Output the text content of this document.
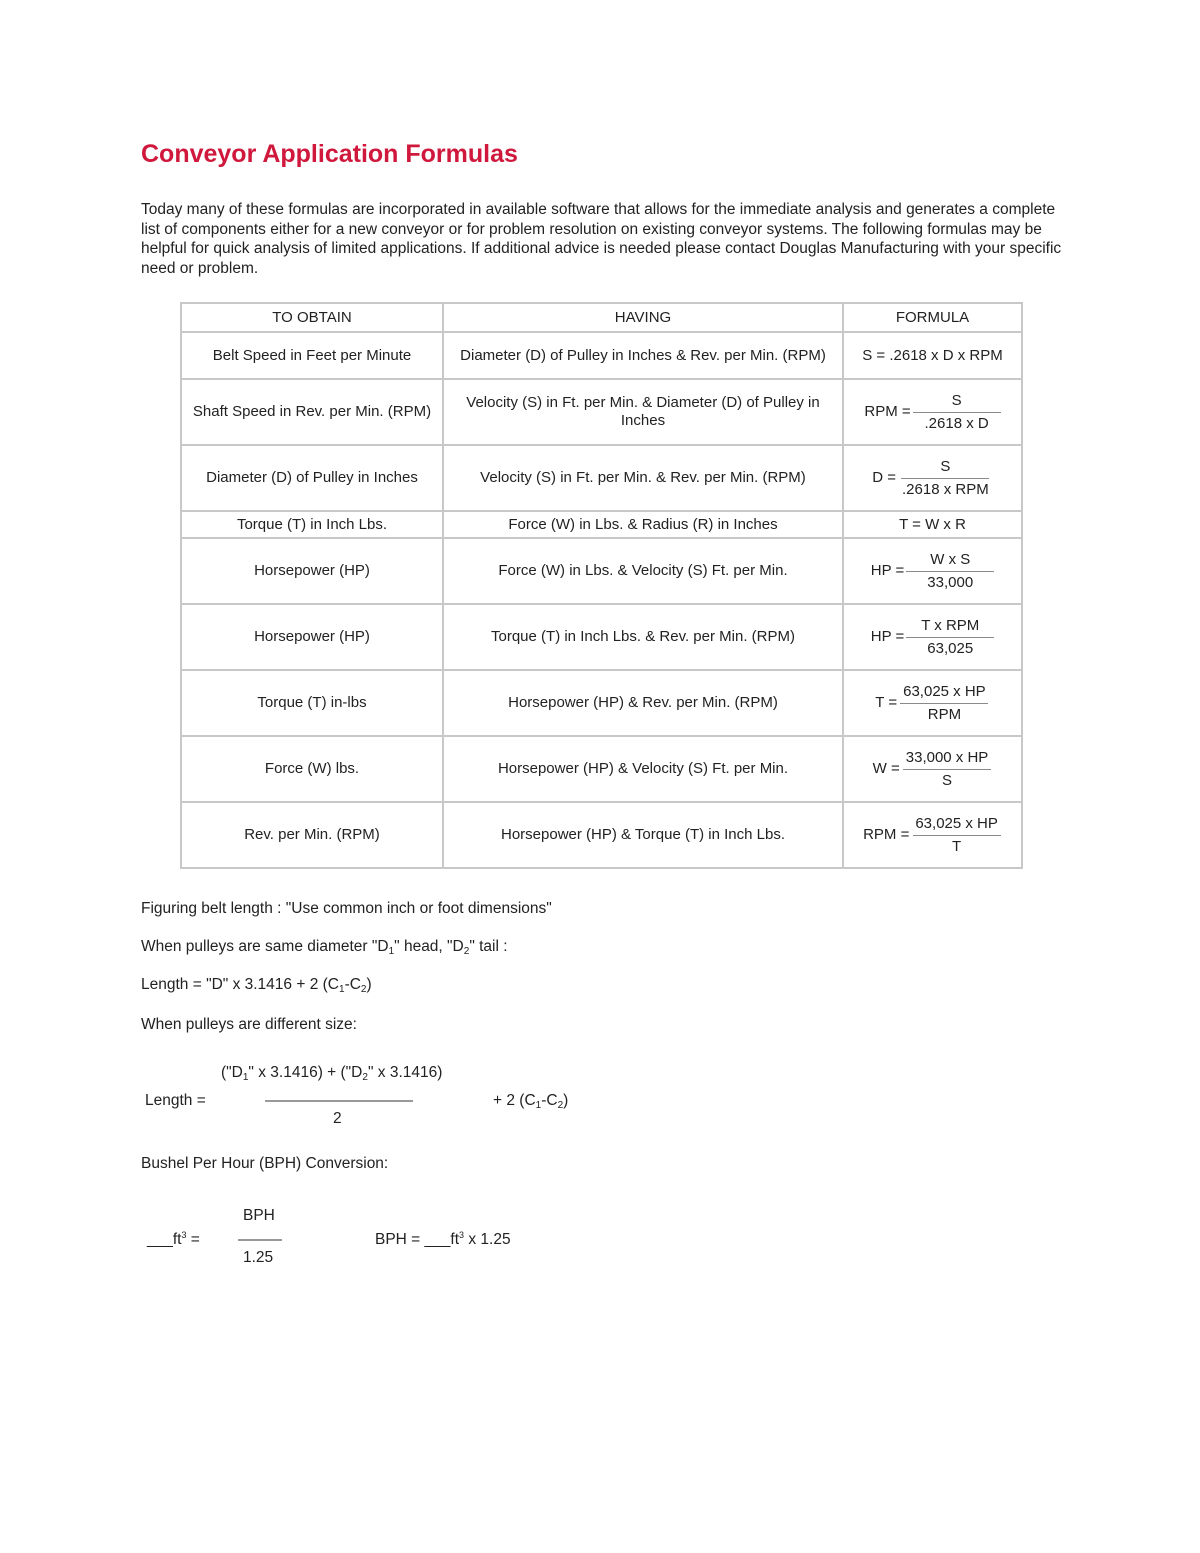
Conveyor Application Formulas
Today many of these formulas are incorporated in available software that allows for the immediate analysis and generates a complete list of components either for a new conveyor or for problem resolution on existing conveyor systems. The following formulas may be helpful for quick analysis of limited applications. If additional advice is needed please contact Douglas Manufacturing with your specific need or problem.
TO OBTAIN	HAVING	FORMULA
Belt Speed in Feet per Minute	Diameter (D) of Pulley in Inches & Rev. per Min. (RPM)	S = .2618 x D x RPM
Shaft Speed in Rev. per Min. (RPM)	Velocity (S) in Ft. per Min. & Diameter (D) of Pulley in Inches	RPM = $\frac{S}{\text{.2618 x D}}$

Diameter (D) of Pulley in Inches	Velocity (S) in Ft. per Min. & Rev. per Min. (RPM)	$D = \frac{S}{\text{.2618 x RPM}}$

Torque (T) in Inch Lbs.	Force (W) in Lbs. & Radius (R) in Inches	T = W x R
Horsepower (HP)	Force (W) in Lbs. & Velocity (S) Ft. per Min.	HP = $\frac{\text{W x S}}{33,000}$

Horsepower (HP)	Torque (T) in Inch Lbs. & Rev. per Min. (RPM)	HP = $\frac{\text{T x RPM}}{63,025}$

Torque (T) in-lbs	Horsepower (HP) & Rev. per Min. (RPM)	$T = \frac{\text{63,025 x HP}}{\text{RPM}}$

Force (W) lbs.	Horsepower (HP) & Velocity (S) Ft. per Min.	$W = \frac{\text{33,000 x HP}}{S}$

Rev. per Min. (RPM)	Horsepower (HP) & Torque (T) in Inch Lbs.	RPM = $\frac{\text{63,025 x HP}}{T}$
Figuring belt length : "Use common inch or foot dimensions"
When pulleys are same diameter "$D_1$" head, "$D_2$" tail :
Length = "D" x 3.1416 + 2 $(C_1-C_2)$
When pulleys are different size:
Length =
("$D_1$" x $3.1416) + ("D_2$" x 3.1416)
2
+ 2 $(C_1-C_2)$
Bushel Per Hour (BPH) Conversion:
$\_\_\_ft^3$ =
BPH
1.25
BPH = $\_\_\_ft^3$ x 1.25
